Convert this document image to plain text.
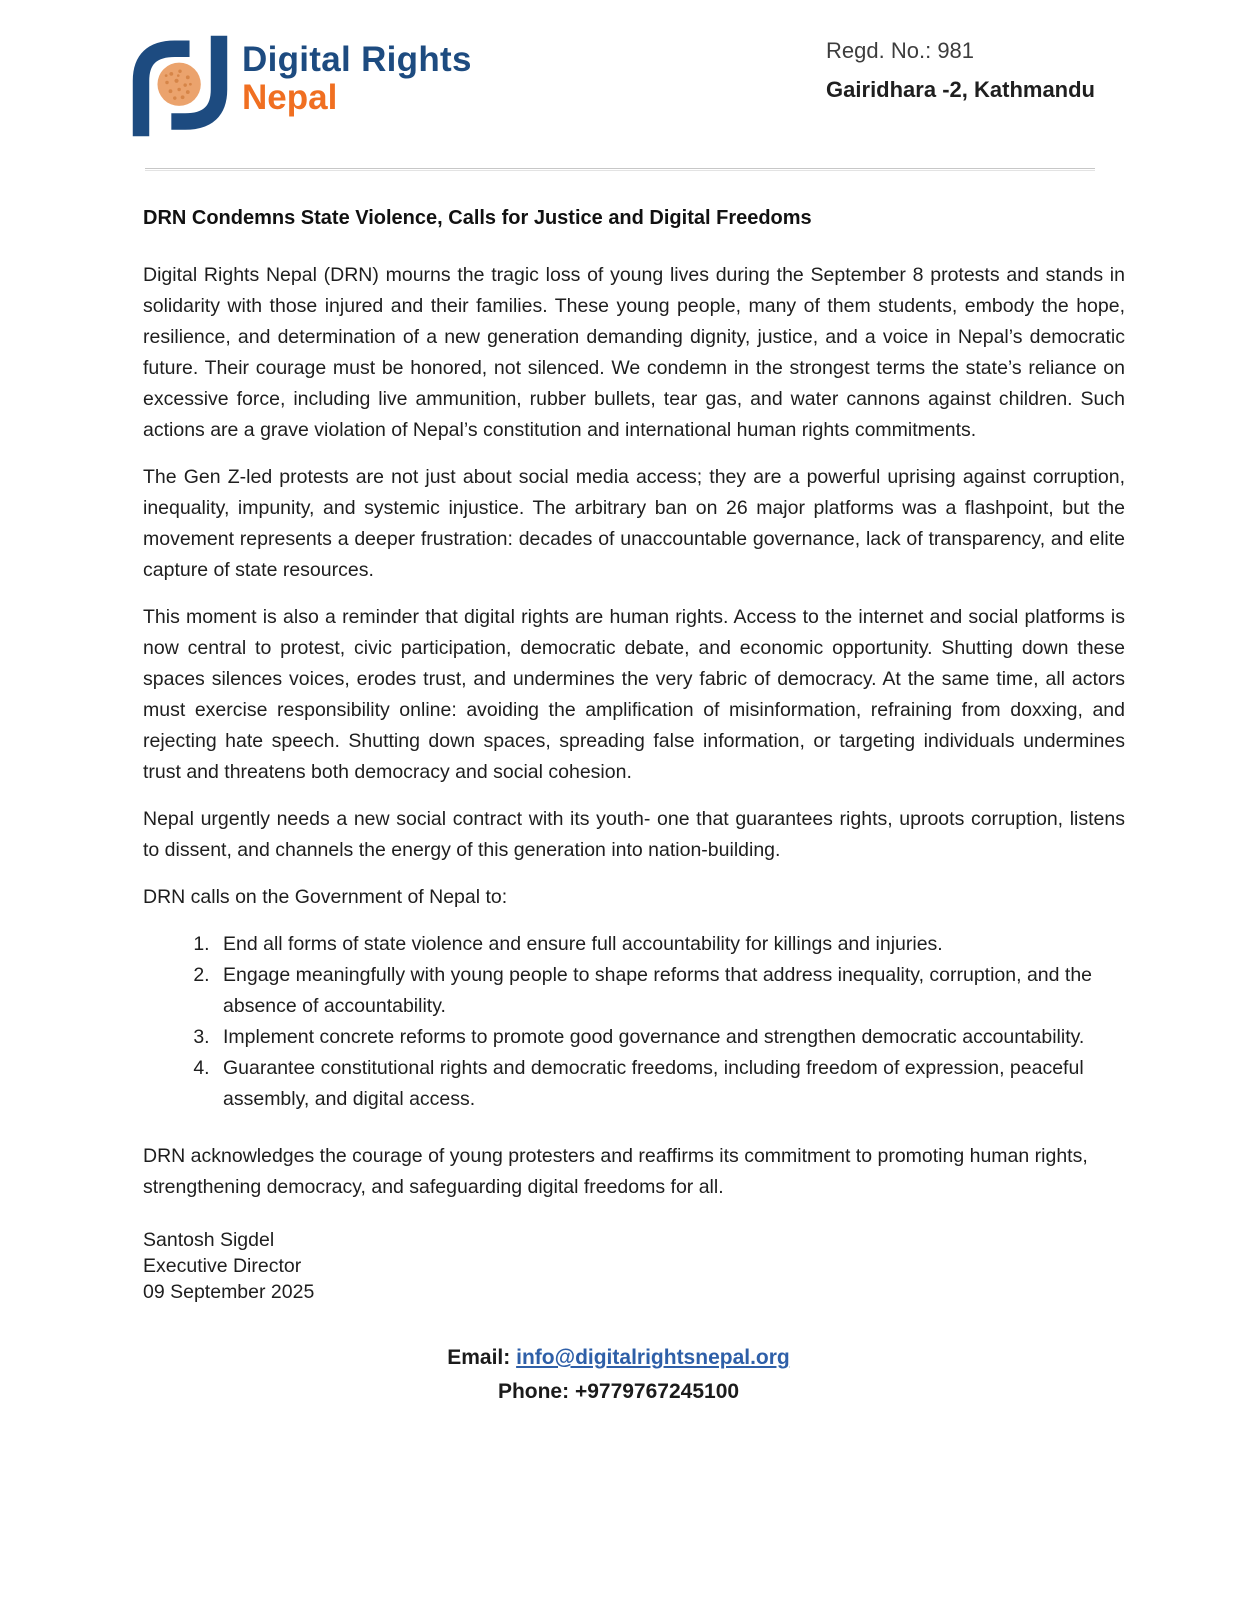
Digital Rights
Nepal
Regd. No.: 981
Gairidhara -2, Kathmandu
DRN Condemns State Violence, Calls for Justice and Digital Freedoms

Digital Rights Nepal (DRN) mourns the tragic loss of young lives during the September 8 protests and stands in solidarity with those injured and their families. These young people, many of them students, embody the hope, resilience, and determination of a new generation demanding dignity, justice, and a voice in Nepal’s democratic future. Their courage must be honored, not silenced. We condemn in the strongest terms the state’s reliance on excessive force, including live ammunition, rubber bullets, tear gas, and water cannons against children. Such actions are a grave violation of Nepal’s constitution and international human rights commitments.

The Gen Z-led protests are not just about social media access; they are a powerful uprising against corruption, inequality, impunity, and systemic injustice. The arbitrary ban on 26 major platforms was a flashpoint, but the movement represents a deeper frustration: decades of unaccountable governance, lack of transparency, and elite capture of state resources.

This moment is also a reminder that digital rights are human rights. Access to the internet and social platforms is now central to protest, civic participation, democratic debate, and economic opportunity. Shutting down these spaces silences voices, erodes trust, and undermines the very fabric of democracy. At the same time, all actors must exercise responsibility online: avoiding the amplification of misinformation, refraining from doxxing, and rejecting hate speech. Shutting down spaces, spreading false information, or targeting individuals undermines trust and threatens both democracy and social cohesion.

Nepal urgently needs a new social contract with its youth- one that guarantees rights, uproots corruption, listens to dissent, and channels the energy of this generation into nation-building.

DRN calls on the Government of Nepal to:

1. End all forms of state violence and ensure full accountability for killings and injuries.
2. Engage meaningfully with young people to shape reforms that address inequality, corruption, and the absence of accountability.
3. Implement concrete reforms to promote good governance and strengthen democratic accountability.
4. Guarantee constitutional rights and democratic freedoms, including freedom of expression, peaceful assembly, and digital access.

DRN acknowledges the courage of young protesters and reaffirms its commitment to promoting human rights, strengthening democracy, and safeguarding digital freedoms for all.

Santosh Sigdel
Executive Director
09 September 2025
Email: info@digitalrightsnepal.org
Phone: +9779767245100
